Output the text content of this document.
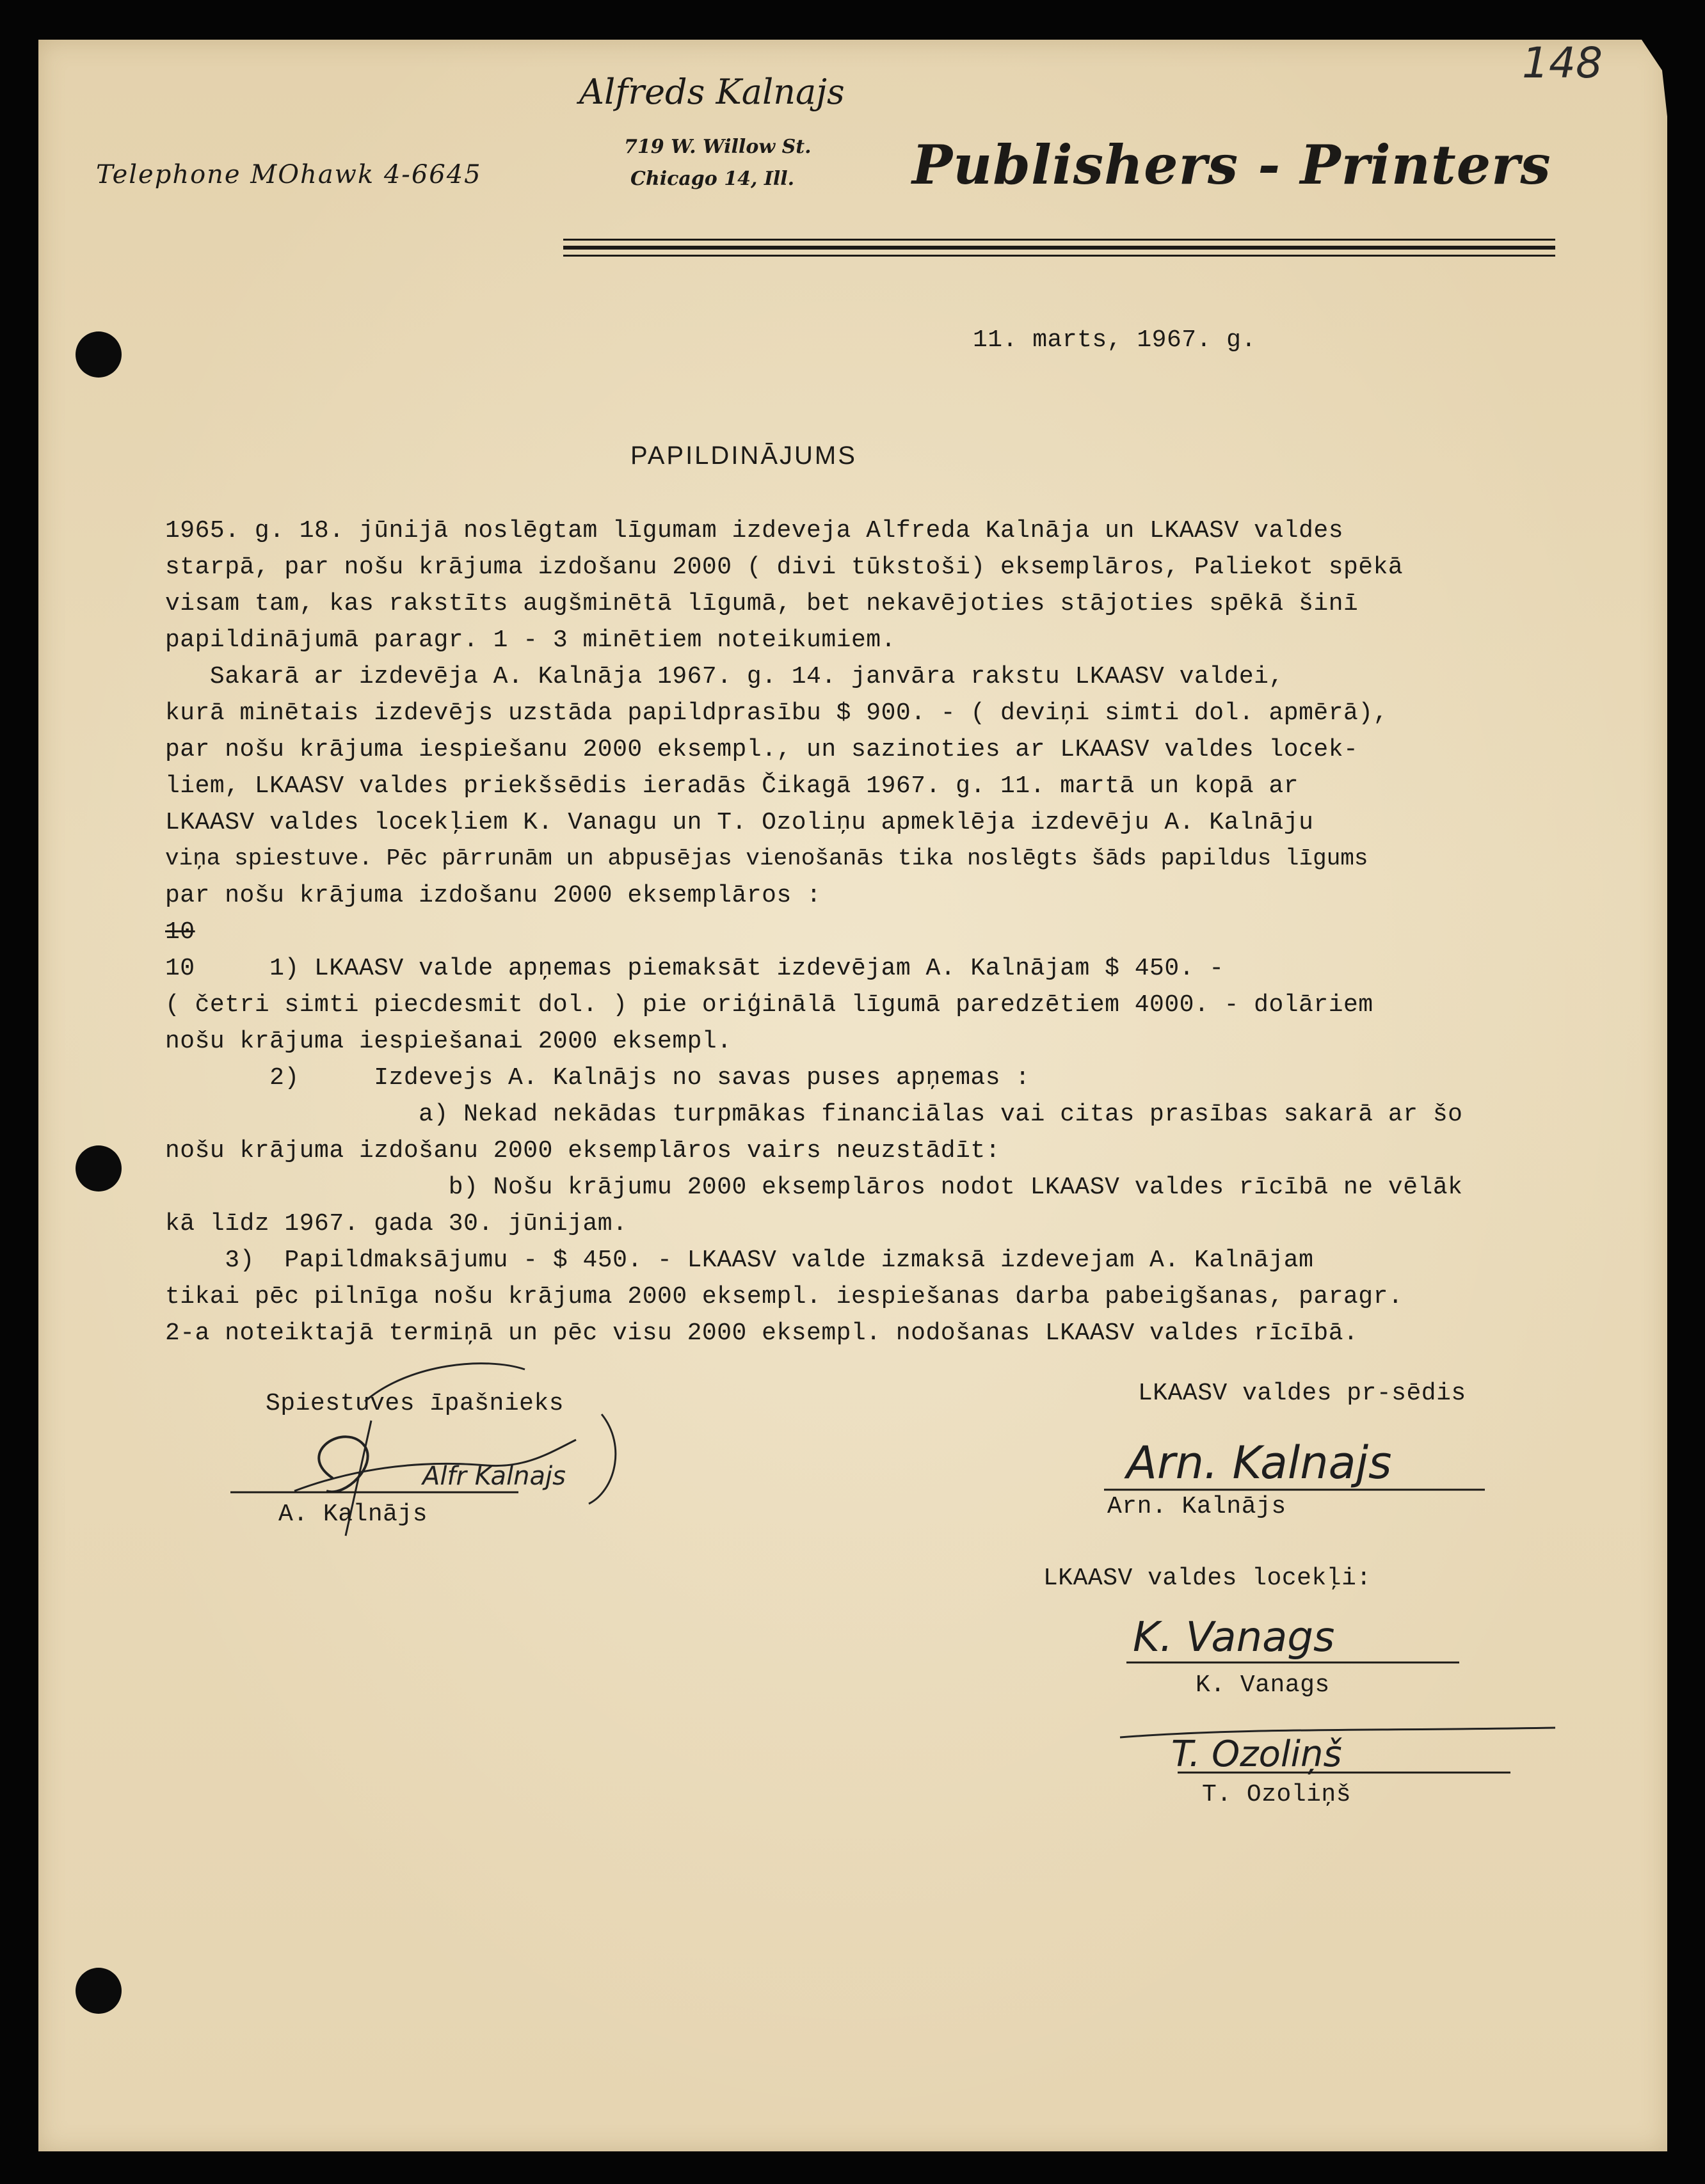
Telephone MOhawk 4-6645
Alfreds Kalnajs
719 W. Willow St.
Chicago 14, Ill. Publishers - Printers
148
11. marts, 1967. g.
PAPILDINĀJUMS
1965. g. 18. jūnijā noslēgtam līgumam izdeveja Alfreda Kalnāja un LKAASV valdes
starpā, par nošu krājuma izdošanu 2000 ( divi tūkstoši) eksemplāros, Paliekot spēkā
visam tam, kas rakstīts augšminētā līgumā, bet nekavējoties stājoties spēkā šinī
papildinājumā paragr. 1 - 3 minētiem noteikumiem.
Sakarā ar izdevēja A. Kalnāja 1967. g. 14. janvāra rakstu LKAASV valdei,
kurā minētais izdevējs uzstāda papildprasību $ 900. - ( deviņi simti dol. apmērā),
par nošu krājuma iespiešanu 2000 eksempl., un sazinoties ar LKAASV valdes locek-
liem, LKAASV valdes priekšsēdis ieradās Čikagā 1967. g. 11. martā un kopā ar
LKAASV valdes locekļiem K. Vanagu un T. Ozoliņu apmeklēja izdevēju A. Kalnāju
viņa spiestuve. Pēc pārrunām un abpusējas vienošanās tika noslēgts šāds papildus līgums
par nošu krājuma izdošanu 2000 eksemplāros :
10
10     1) LKAASV valde apņemas piemaksāt izdevējam A. Kalnājam $ 450. -
( četri simti piecdesmit dol. ) pie oriģinālā līgumā paredzētiem 4000. - dolāriem
nošu krājuma iespiešanai 2000 eksempl.
2)     Izdevejs A. Kalnājs no savas puses apņemas :
a) Nekad nekādas turpmākas financiālas vai citas prasības sakarā ar šo
nošu krājuma izdošanu 2000 eksemplāros vairs neuzstādīt:
b) Nošu krājumu 2000 eksemplāros nodot LKAASV valdes rīcībā ne vēlāk
kā līdz 1967. gada 30. jūnijam.
3)  Papildmaksājumu - $ 450. - LKAASV valde izmaksā izdevejam A. Kalnājam
tikai pēc pilnīga nošu krājuma 2000 eksempl. iespiešanas darba pabeigšanas, paragr.
2-a noteiktajā termiņā un pēc visu 2000 eksempl. nodošanas LKAASV valdes rīcībā.
Spiestuves īpašnieks
Alfr Kalnajs
A. Kalnājs
LKAASV valdes pr-sēdis
Arn. Kalnajs
Arn. Kalnājs
LKAASV valdes locekļi:
K. Vanags
K. Vanags
T. Ozoliņš
T. Ozoliņš
